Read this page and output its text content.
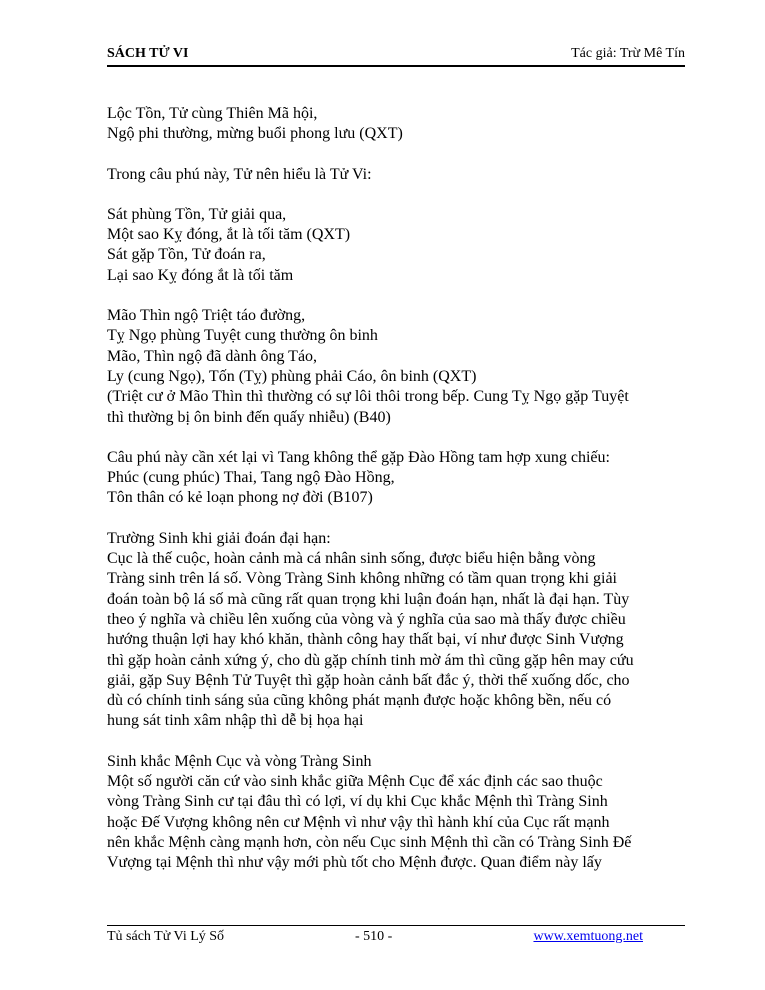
SÁCH TỬ VI	Tác giả: Trừ Mê Tín
Lộc Tồn, Tử cùng Thiên Mã hội,
Ngộ phi thường, mừng buổi phong lưu (QXT)
Trong câu phú này, Tử nên hiểu là Tử Vi:
Sát phùng Tồn, Tử giải qua,
Một sao Kỵ đóng, ắt là tối tăm (QXT)
Sát gặp Tồn, Tử đoán ra,
Lại sao Kỵ đóng ắt là tối tăm
Mão Thìn ngộ Triệt táo đường,
Tỵ Ngọ phùng Tuyệt cung thường ôn binh
Mão, Thìn ngộ đã dành ông Táo,
Ly (cung Ngọ), Tốn (Tỵ) phùng phải Cáo, ôn binh (QXT)
(Triệt cư ở Mão Thìn thì thường có sự lôi thôi trong bếp. Cung Tỵ Ngọ gặp Tuyệt
thì thường bị ôn binh đến quấy nhiễu) (B40)
Câu phú này cần xét lại vì Tang không thể gặp Đào Hồng tam hợp xung chiếu:
Phúc (cung phúc) Thai, Tang ngộ Đào Hồng,
Tôn thân có kẻ loạn phong nợ đời (B107)
Trường Sinh khi giải đoán đại hạn:
Cục là thế cuộc, hoàn cảnh mà cá nhân sinh sống, được biểu hiện bằng vòng
Tràng sinh trên lá số. Vòng Tràng Sinh không những có tầm quan trọng khi giải
đoán toàn bộ lá số mà cũng rất quan trọng khi luận đoán hạn, nhất là đại hạn. Tùy
theo ý nghĩa và chiều lên xuống của vòng và ý nghĩa của sao mà thấy được chiều
hướng thuận lợi hay khó khăn, thành công hay thất bại, ví như được Sinh Vượng
thì gặp hoàn cảnh xứng ý, cho dù gặp chính tinh mờ ám thì cũng gặp hên may cứu
giải, gặp Suy Bệnh Tử Tuyệt thì gặp hoàn cảnh bất đắc ý, thời thế xuống dốc, cho
dù có chính tinh sáng sủa cũng không phát mạnh được hoặc không bền, nếu có
hung sát tinh xâm nhập thì dễ bị họa hại
Sinh khắc Mệnh Cục và vòng Tràng Sinh
Một số người căn cứ vào sinh khắc giữa Mệnh Cục để xác định các sao thuộc
vòng Tràng Sinh cư tại đâu thì có lợi, ví dụ khi Cục khắc Mệnh thì Tràng Sinh
hoặc Đế Vượng không nên cư Mệnh vì như vậy thì hành khí của Cục rất mạnh
nên khắc Mệnh càng mạnh hơn, còn nếu Cục sinh Mệnh thì cần có Tràng Sinh Đế
Vượng tại Mệnh thì như vậy mới phù tốt cho Mệnh được. Quan điểm này lấy
Tủ sách Tử Vi Lý Số	- 510 -	www.xemtuong.net
